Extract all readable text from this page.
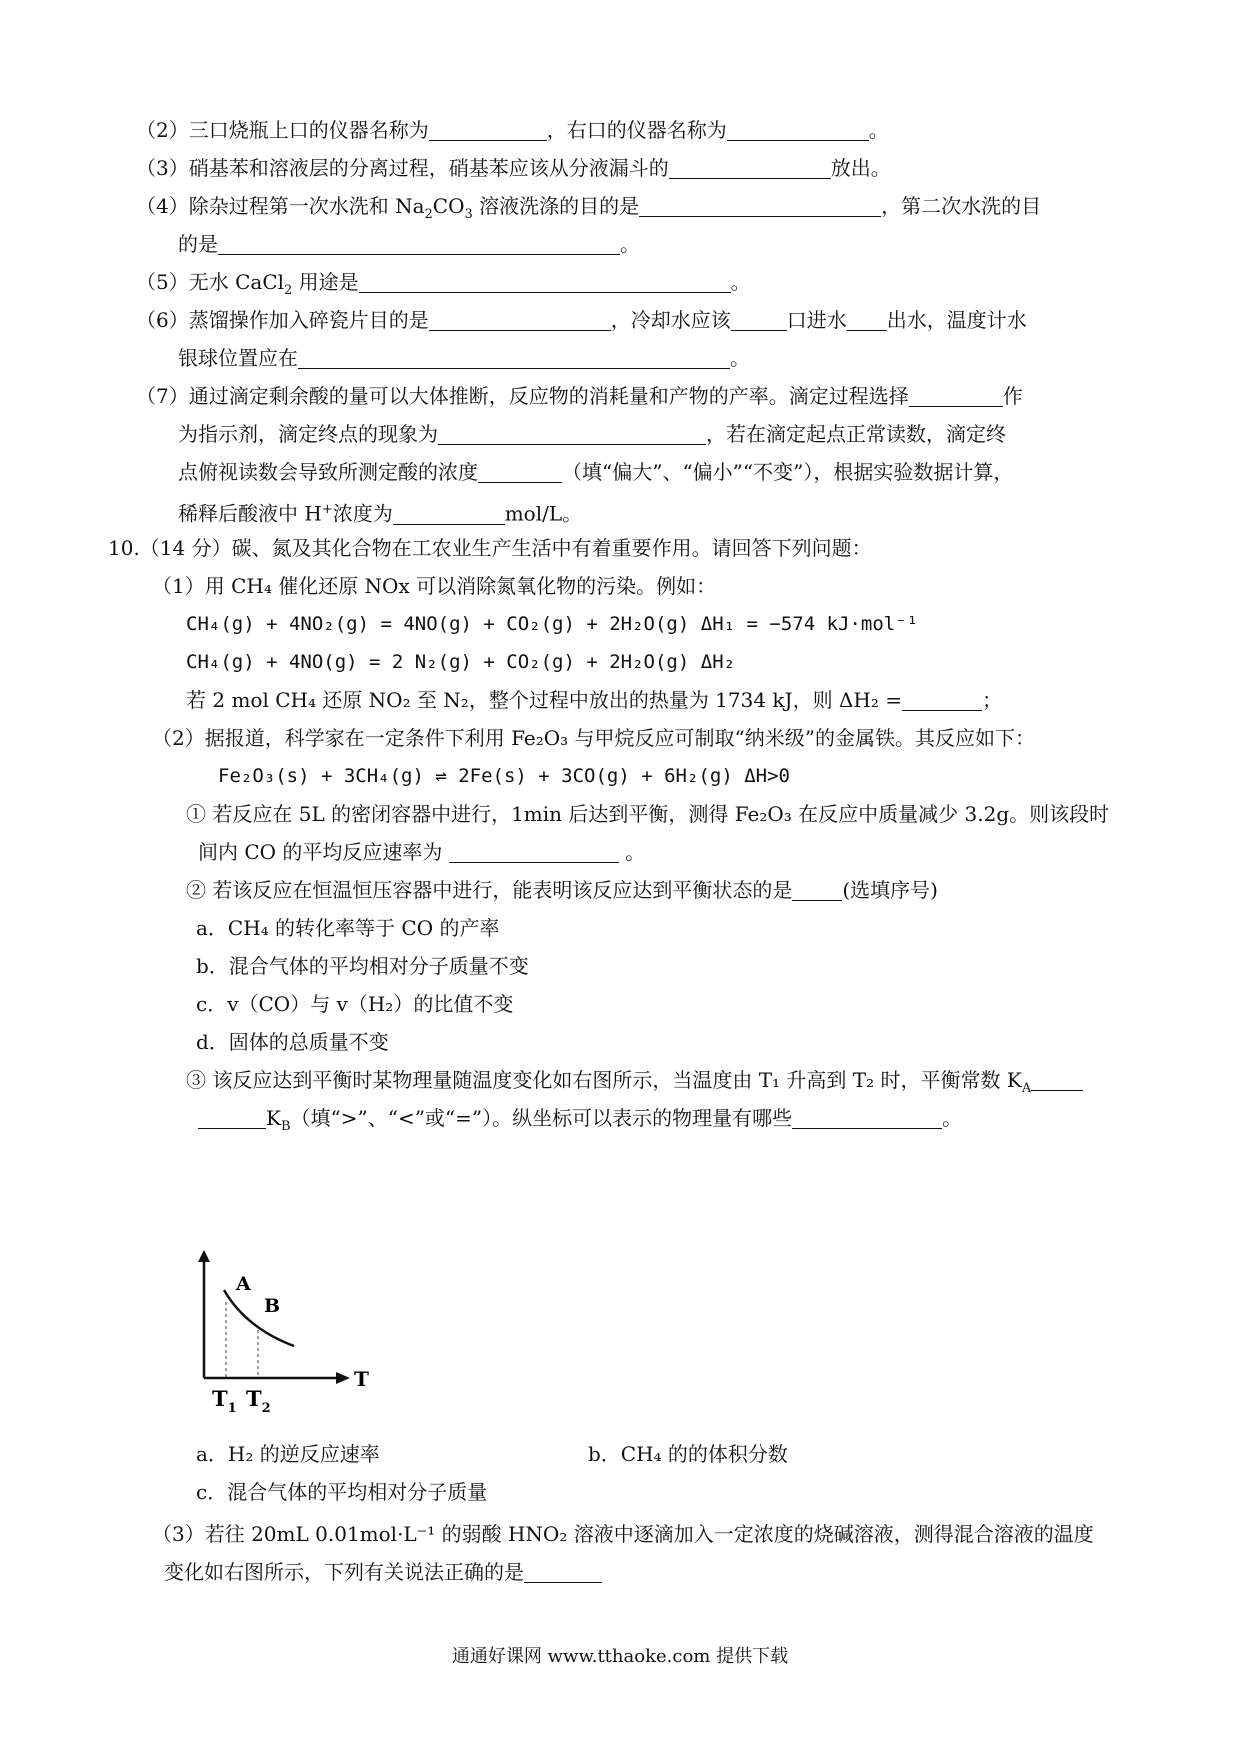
（2）三口烧瓶上口的仪器名称为	，右口的仪器名称为	。
（3）硝基苯和溶液层的分离过程，硝基苯应该从分液漏斗的	放出。
（4）除杂过程第一次水洗和 $Na_2CO_3$ 溶液洗涤的目的是	，第二次水洗的目
的是	。
（5）无水 CaCl$_2$ 用途是	。
（6）蒸馏操作加入碎瓷片目的是	，冷却水应该	口进水 出水，温度计水
银球位置应在	。
（7）通过滴定剩余酸的量可以大体推断，反应物的消耗量和产物的产率。滴定过程选择	作
为指示剂，滴定终点的现象为	，若在滴定起点正常读数，滴定终
点俯视读数会导致所测定酸的浓度	（填“偏大”、“偏小”“不变”），根据实验数据计算，
稀释后酸液中 H+浓度为	mol/L。
10.（14 分）碳、氮及其化合物在工农业生产生活中有着重要作用。请回答下列问题：
（1）用 CH₄ 催化还原 NOx 可以消除氮氧化物的污染。例如：
CH₄(g) + 4NO₂(g) = 4NO(g) + CO₂(g) + 2H₂O(g) ΔH₁ = −574 kJ·mol⁻¹
CH₄(g) + 4NO(g) = 2 N₂(g) + CO₂(g) + 2H₂O(g) ΔH₂
若 2 mol CH₄ 还原 NO₂ 至 N₂，整个过程中放出的热量为 1734 kJ，则 ΔH₂ =	；
（2）据报道，科学家在一定条件下利用 Fe₂O₃ 与甲烷反应可制取“纳米级”的金属铁。其反应如下：
Fe₂O₃(s) + 3CH₄(g) ⇌ 2Fe(s) + 3CO(g) + 6H₂(g) ΔH>0
① 若反应在 5L 的密闭容器中进行，1min 后达到平衡，测得 Fe₂O₃ 在反应中质量减少 3.2g。则该段时
间内 CO 的平均反应速率为	。
② 若该反应在恒温恒压容器中进行，能表明该反应达到平衡状态的是	(选填序号)
a．CH₄ 的转化率等于 CO 的产率
b．混合气体的平均相对分子质量不变
c．v（CO）与 v（H₂）的比值不变
d．固体的总质量不变
③ 该反应达到平衡时某物理量随温度变化如右图所示，当温度由 T₁ 升高到 T₂ 时，平衡常数 $K_A$
$K_B$（填“>”、“<”或“=”）。纵坐标可以表示的物理量有哪些	。
A
B
T
$T_1$ $T_2$
a．H₂ 的逆反应速率	b．CH₄ 的的体积分数
c．混合气体的平均相对分子质量
（3）若往 20mL 0.01mol·L⁻¹ 的弱酸 HNO₂ 溶液中逐滴加入一定浓度的烧碱溶液，测得混合溶液的温度
变化如右图所示，下列有关说法正确的是
通通好课网 www.tthaoke.com 提供下载
